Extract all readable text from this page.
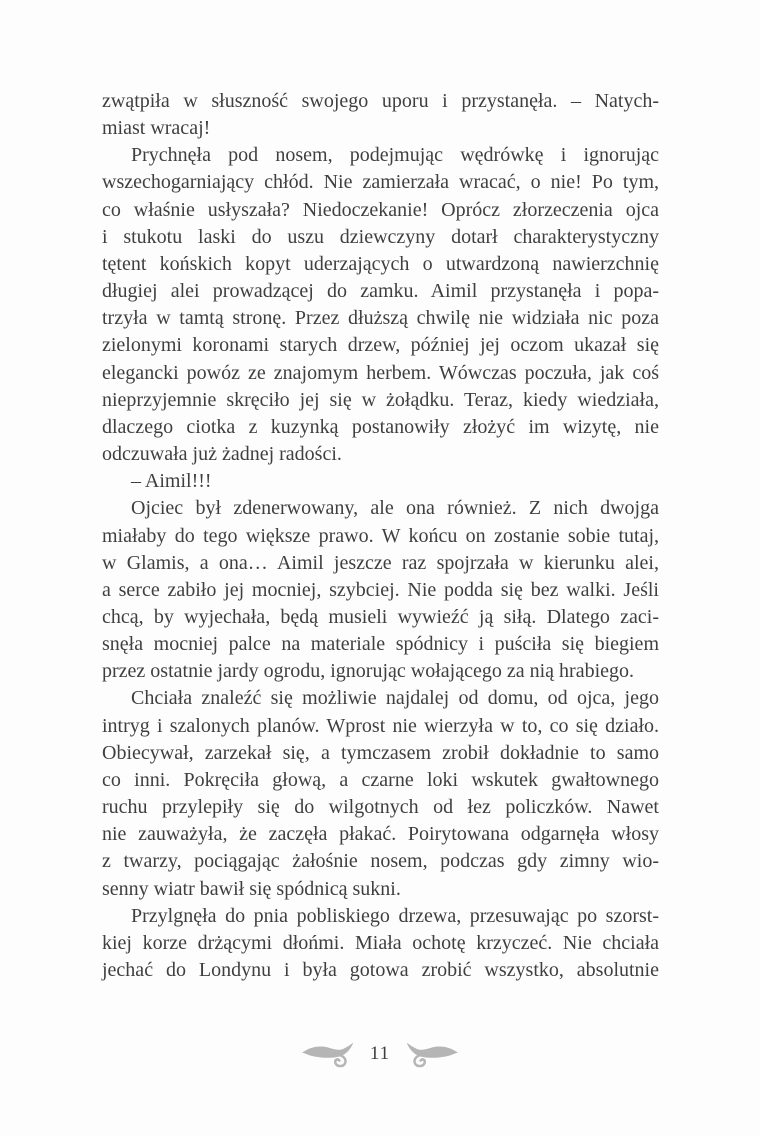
zwątpiła w słuszność swojego uporu i przystanęła. – Natych-
miast wracaj!
Prychnęła pod nosem, podejmując wędrówkę i ignorując
wszechogarniający chłód. Nie zamierzała wracać, o nie! Po tym,
co właśnie usłyszała? Niedoczekanie! Oprócz złorzeczenia ojca
i stukotu laski do uszu dziewczyny dotarł charakterystyczny
tętent końskich kopyt uderzających o utwardzoną nawierzchnię
długiej alei prowadzącej do zamku. Aimil przystanęła i popa-
trzyła w tamtą stronę. Przez dłuższą chwilę nie widziała nic poza
zielonymi koronami starych drzew, później jej oczom ukazał się
elegancki powóz ze znajomym herbem. Wówczas poczuła, jak coś
nieprzyjemnie skręciło jej się w żołądku. Teraz, kiedy wiedziała,
dlaczego ciotka z kuzynką postanowiły złożyć im wizytę, nie
odczuwała już żadnej radości.
– Aimil!!!
Ojciec był zdenerwowany, ale ona również. Z nich dwojga
miałaby do tego większe prawo. W końcu on zostanie sobie tutaj,
w Glamis, a ona… Aimil jeszcze raz spojrzała w kierunku alei,
a serce zabiło jej mocniej, szybciej. Nie podda się bez walki. Jeśli
chcą, by wyjechała, będą musieli wywieźć ją siłą. Dlatego zaci-
snęła mocniej palce na materiale spódnicy i puściła się biegiem
przez ostatnie jardy ogrodu, ignorując wołającego za nią hrabiego.
Chciała znaleźć się możliwie najdalej od domu, od ojca, jego
intryg i szalonych planów. Wprost nie wierzyła w to, co się działo.
Obiecywał, zarzekał się, a tymczasem zrobił dokładnie to samo
co inni. Pokręciła głową, a czarne loki wskutek gwałtownego
ruchu przylepiły się do wilgotnych od łez policzków. Nawet
nie zauważyła, że zaczęła płakać. Poirytowana odgarnęła włosy
z twarzy, pociągając żałośnie nosem, podczas gdy zimny wio-
senny wiatr bawił się spódnicą sukni.
Przylgnęła do pnia pobliskiego drzewa, przesuwając po szorst-
kiej korze drżącymi dłońmi. Miała ochotę krzyczeć. Nie chciała
jechać do Londynu i była gotowa zrobić wszystko, absolutnie
11
